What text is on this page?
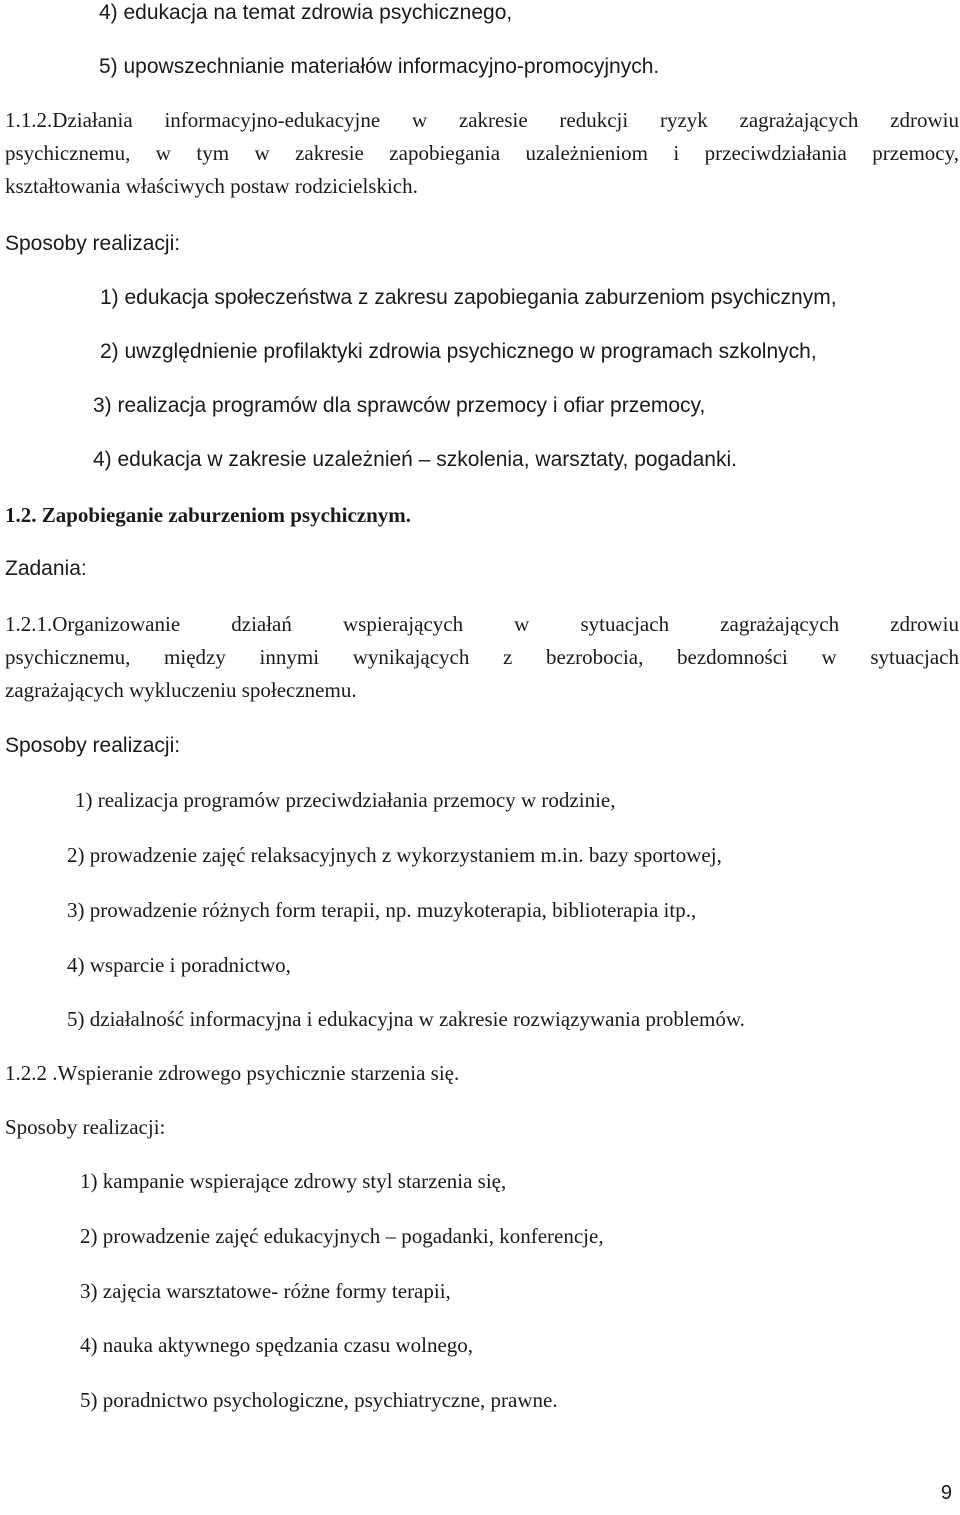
4) edukacja na temat zdrowia psychicznego,
5) upowszechnianie materiałów informacyjno-promocyjnych.
1.1.2.Działania informacyjno-edukacyjne w zakresie redukcji ryzyk zagrażających zdrowiu
psychicznemu, w tym w zakresie zapobiegania uzależnieniom i przeciwdziałania przemocy,
kształtowania właściwych postaw rodzicielskich.
Sposoby realizacji:
1) edukacja społeczeństwa z zakresu zapobiegania zaburzeniom psychicznym,
2) uwzględnienie profilaktyki zdrowia psychicznego w programach szkolnych,
3) realizacja programów dla sprawców przemocy i ofiar przemocy,
4) edukacja w zakresie uzależnień – szkolenia, warsztaty, pogadanki.
1.2. Zapobieganie zaburzeniom psychicznym.
Zadania:
1.2.1.Organizowanie działań wspierających w sytuacjach zagrażających zdrowiu
psychicznemu, między innymi wynikających z bezrobocia, bezdomności w sytuacjach
zagrażających wykluczeniu społecznemu.
Sposoby realizacji:
1) realizacja programów przeciwdziałania przemocy w rodzinie,
2) prowadzenie zajęć relaksacyjnych z wykorzystaniem m.in. bazy sportowej,
3) prowadzenie różnych form terapii, np. muzykoterapia, biblioterapia itp.,
4) wsparcie i poradnictwo,
5) działalność informacyjna i edukacyjna w zakresie rozwiązywania problemów.
1.2.2 .Wspieranie zdrowego psychicznie starzenia się.
Sposoby realizacji:
1) kampanie wspierające zdrowy styl starzenia się,
2) prowadzenie zajęć edukacyjnych – pogadanki, konferencje,
3) zajęcia warsztatowe- różne formy terapii,
4) nauka aktywnego spędzania czasu wolnego,
5) poradnictwo psychologiczne, psychiatryczne, prawne.
9
